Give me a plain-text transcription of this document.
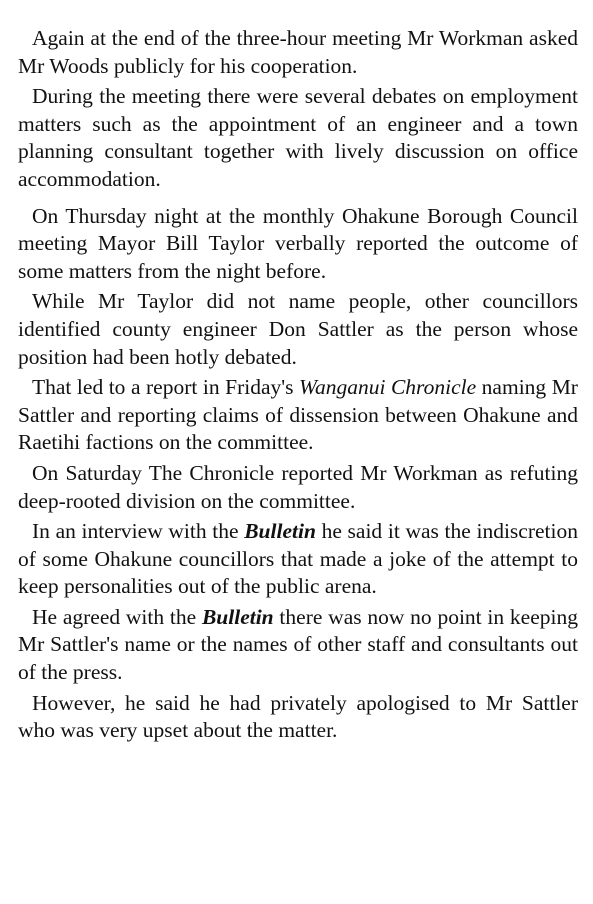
Again at the end of the three-hour meeting Mr Workman asked Mr Woods publicly for his cooperation.

During the meeting there were several debates on employment matters such as the appointment of an engineer and a town planning consultant together with lively discussion on office accommodation.

On Thursday night at the monthly Ohakune Borough Council meeting Mayor Bill Taylor verbally reported the outcome of some matters from the night before.

While Mr Taylor did not name people, other councillors identified county engineer Don Sattler as the person whose position had been hotly debated.

That led to a report in Friday's Wanganui Chronicle naming Mr Sattler and reporting claims of dissension between Ohakune and Raetihi factions on the committee.

On Saturday The Chronicle reported Mr Workman as refuting deep-rooted division on the committee.

In an interview with the Bulletin he said it was the indiscretion of some Ohakune councillors that made a joke of the attempt to keep personalities out of the public arena.

He agreed with the Bulletin there was now no point in keeping Mr Sattler's name or the names of other staff and consultants out of the press.

However, he said he had privately apologised to Mr Sattler who was very upset about the matter.
